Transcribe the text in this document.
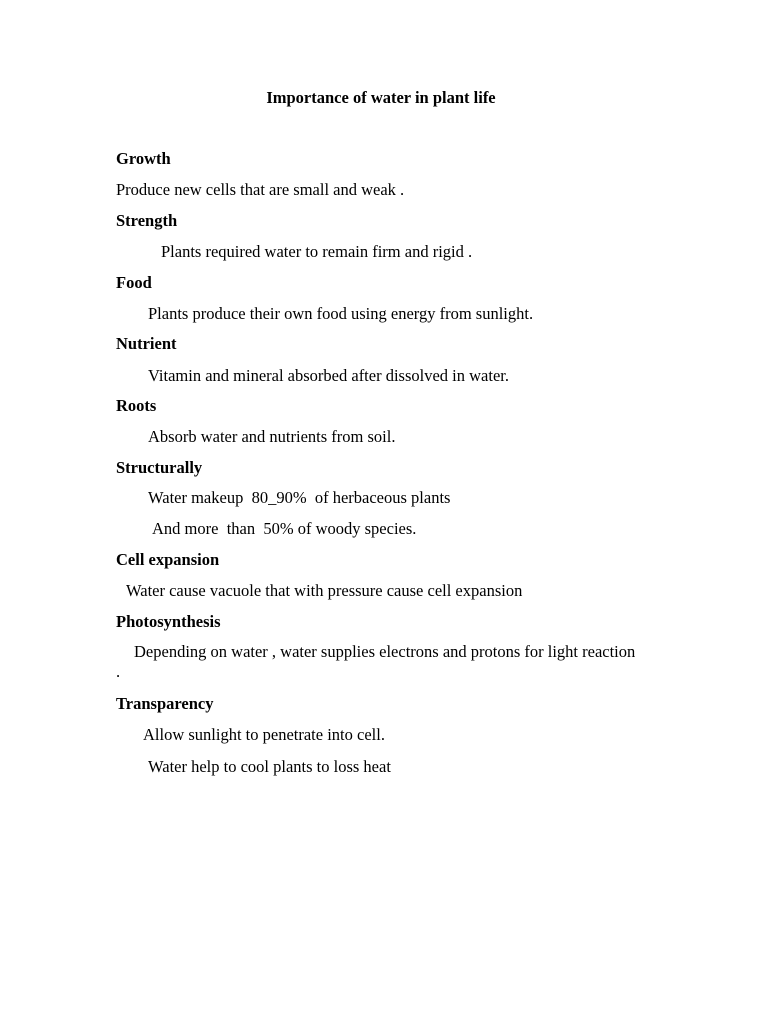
Importance of water in plant life
Growth
Produce new cells that are small and weak .
Strength
Plants required water to remain firm and rigid .
Food
Plants produce their own food using energy from sunlight.
Nutrient
Vitamin and mineral absorbed after dissolved in water.
Roots
Absorb water and nutrients from soil.
Structurally
Water makeup  80_90%  of herbaceous plants
And more  than  50% of woody species.
Cell expansion
Water cause vacuole that with pressure cause cell expansion
Photosynthesis
Depending on water , water supplies electrons and protons for light reaction .
Transparency
Allow sunlight to penetrate into cell.
Water help to cool plants to loss heat
